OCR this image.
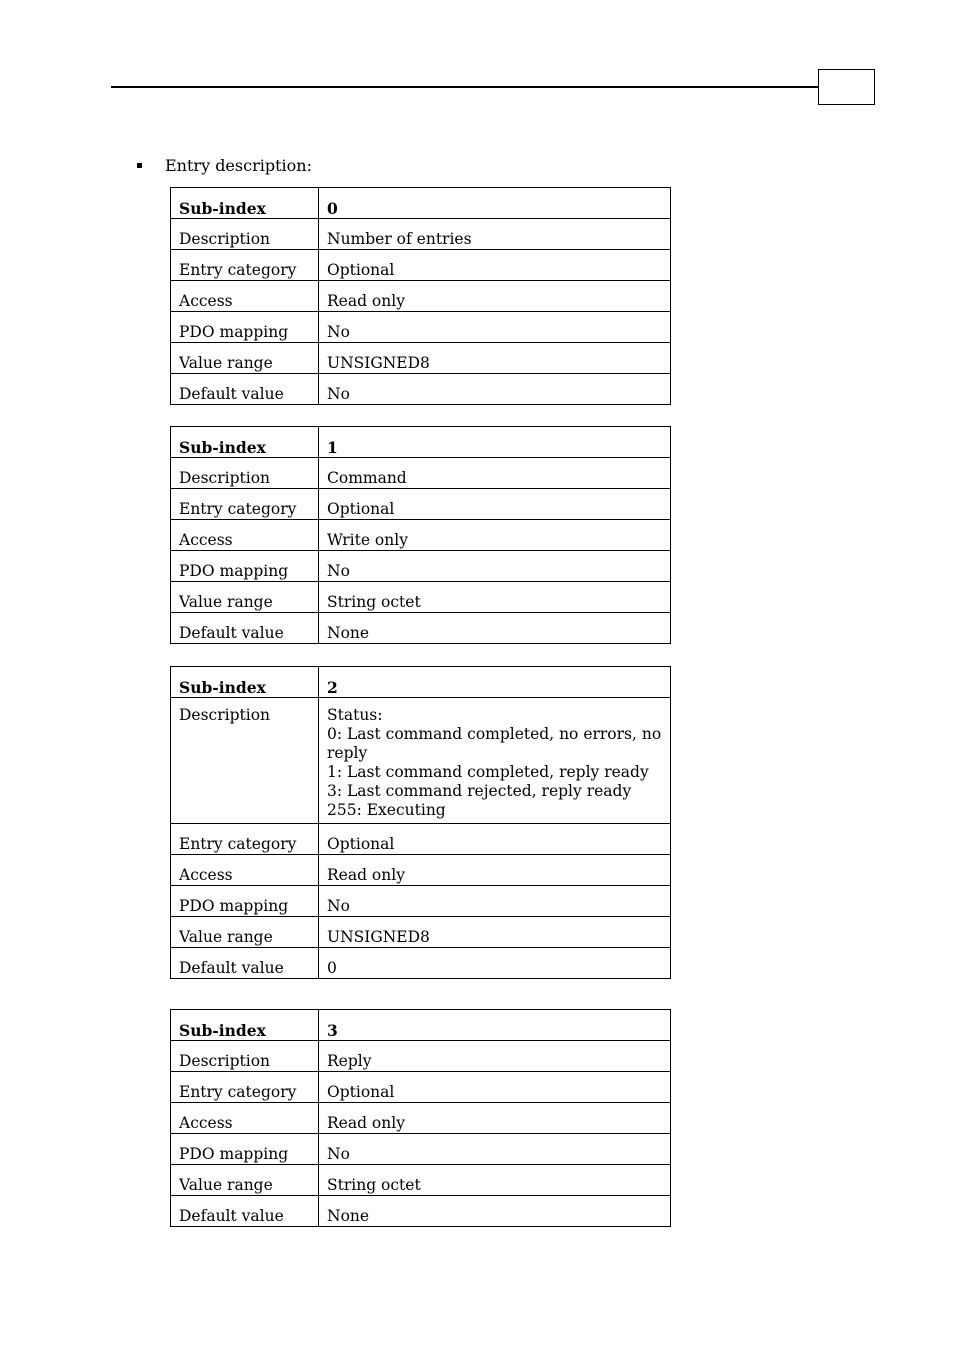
Entry description:
Sub-index	0
Description	Number of entries
Entry category	Optional
Access	Read only
PDO mapping	No
Value range	UNSIGNED8
Default value	No
Sub-index	1
Description	Command
Entry category	Optional
Access	Write only
PDO mapping	No
Value range	String octet
Default value	None
Sub-index	2
Description	Status:
0: Last command completed, no errors, no reply
1: Last command completed, reply ready
3: Last command rejected, reply ready
255: Executing
Entry category	Optional
Access	Read only
PDO mapping	No
Value range	UNSIGNED8
Default value	0
Sub-index	3
Description	Reply
Entry category	Optional
Access	Read only
PDO mapping	No
Value range	String octet
Default value	None
